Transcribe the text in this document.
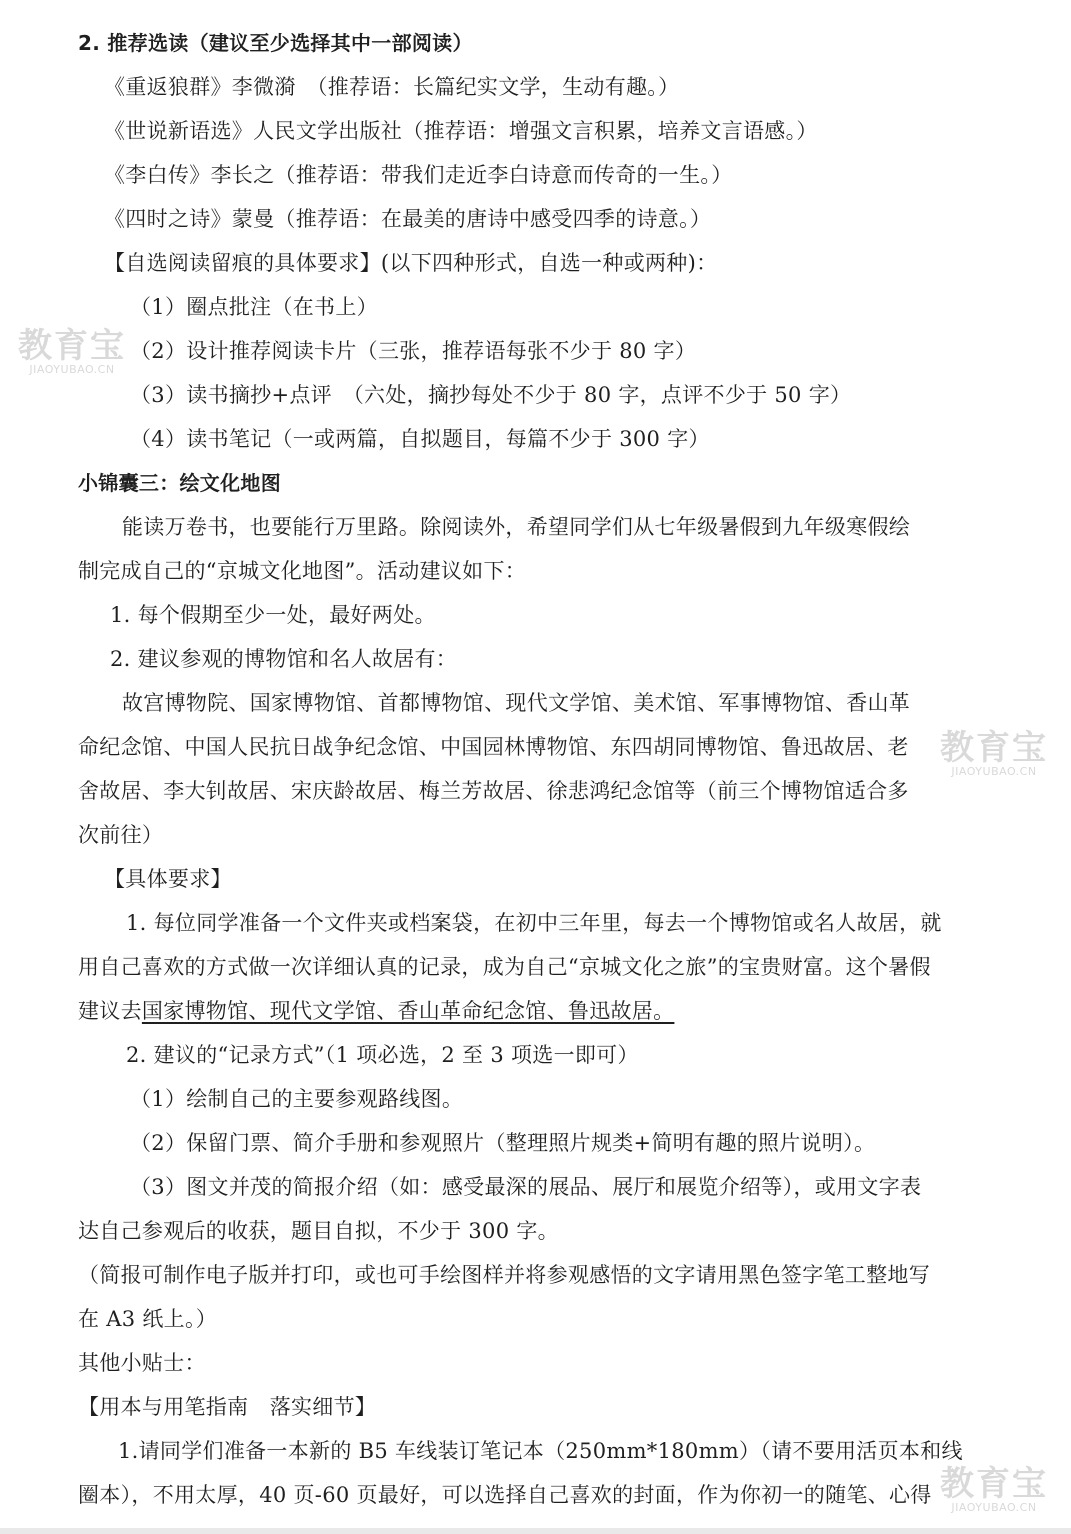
2. 推荐选读（建议至少选择其中一部阅读）
《重返狼群》李微漪　（推荐语：长篇纪实文学，生动有趣。）
《世说新语选》人民文学出版社（推荐语：增强文言积累，培养文言语感。）
《李白传》李长之（推荐语：带我们走近李白诗意而传奇的一生。）
《四时之诗》蒙曼（推荐语：在最美的唐诗中感受四季的诗意。）
【自选阅读留痕的具体要求】(以下四种形式，自选一种或两种)：
（1）圈点批注（在书上）
（2）设计推荐阅读卡片（三张，推荐语每张不少于 80 字）
（3）读书摘抄+点评　（六处，摘抄每处不少于 80 字，点评不少于 50 字）
（4）读书笔记（一或两篇，自拟题目，每篇不少于 300 字）
小锦囊三：绘文化地图
能读万卷书，也要能行万里路。除阅读外，希望同学们从七年级暑假到九年级寒假绘
制完成自己的“京城文化地图”。活动建议如下：
1. 每个假期至少一处，最好两处。
2. 建议参观的博物馆和名人故居有：
故宫博物院、国家博物馆、首都博物馆、现代文学馆、美术馆、军事博物馆、香山革
命纪念馆、中国人民抗日战争纪念馆、中国园林博物馆、东四胡同博物馆、鲁迅故居、老
舍故居、李大钊故居、宋庆龄故居、梅兰芳故居、徐悲鸿纪念馆等（前三个博物馆适合多
次前往）
【具体要求】
1. 每位同学准备一个文件夹或档案袋，在初中三年里，每去一个博物馆或名人故居，就
用自己喜欢的方式做一次详细认真的记录，成为自己“京城文化之旅”的宝贵财富。这个暑假
建议去国家博物馆、现代文学馆、香山革命纪念馆、鲁迅故居。
2. 建议的“记录方式”（1 项必选，2 至 3 项选一即可）
（1）绘制自己的主要参观路线图。
（2）保留门票、简介手册和参观照片（整理照片规类+简明有趣的照片说明）。
（3）图文并茂的简报介绍（如：感受最深的展品、展厅和展览介绍等），或用文字表
达自己参观后的收获，题目自拟，不少于 300 字。
（简报可制作电子版并打印，或也可手绘图样并将参观感悟的文字请用黑色签字笔工整地写
在 A3 纸上。）
其他小贴士：
【用本与用笔指南　落实细节】
1.请同学们准备一本新的 B5 车线装订笔记本（250mm*180mm）（请不要用活页本和线
圈本），不用太厚，40 页-60 页最好，可以选择自己喜欢的封面，作为你初一的随笔、心得
教育宝
JIAOYUBAO.CN
教育宝
JIAOYUBAO.CN
教育宝
JIAOYUBAO.CN
